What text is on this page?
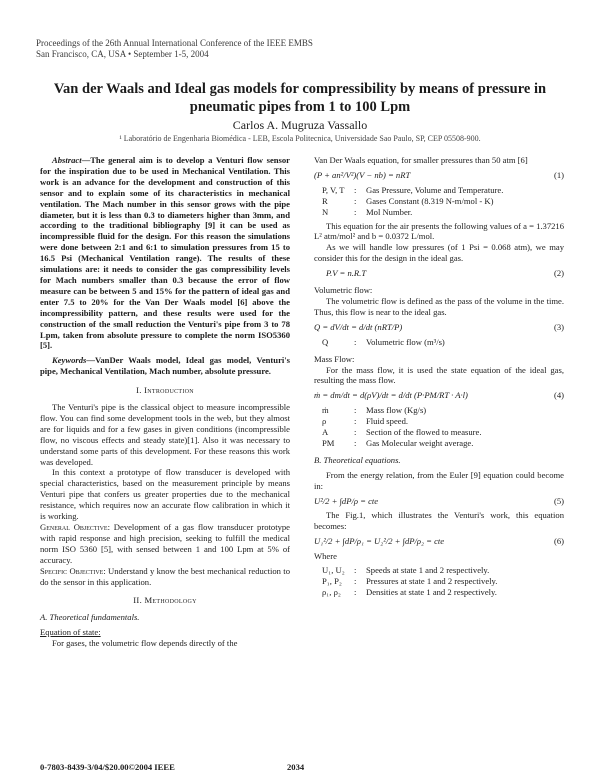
Proceedings of the 26th Annual International Conference of the IEEE EMBS
San Francisco, CA, USA • September 1-5, 2004
Van der Waals and Ideal gas models for compressibility by means of pressure in
pneumatic pipes from 1 to 100 Lpm
Carlos A. Mugruza Vassallo
¹ Laboratório de Engenharia Biomédica - LEB, Escola Politecnica, Universidade Sao Paulo, SP, CEP 05508-900.

Abstract—The general aim is to develop a Venturi flow sensor for the inspiration due to be used in Mechanical Ventilation. This work is an advance for the development and construction of this sensor and to explain some of its characteristics in mechanical ventilation. The Mach number in this sensor grows with the pipe diameter, but it is less than 0.3 to diameters higher than 3mm, and according to the traditional bibliography [9] it can be used as incompressible fluid for the design. For this reason the simulations were done between 2:1 and 6:1 to simulation pressures from 15 to 16.5 Psi (Mechanical Ventilation range). The results of these simulations are: it needs to consider the gas compressibility levels for Mach numbers smaller than 0.3 because the error of flow measure can be between 5 and 15% for the pattern of ideal gas and enter 7.5 to 20% for the Van Der Waals model [6] above the incompressibility pattern, and these results were used for the construction of the small reduction the Venturi's pipe from 3 to 78 Lpm, taken from absolute pressure to complete the norm ISO5360 [5].

Keywords—VanDer Waals model, Ideal gas model, Venturi's pipe, Mechanical Ventilation, Mach number, absolute pressure.

I. Introduction

The Venturi's pipe is the classical object to measure incompressible flow. You can find some development tools in the web, but they almost are for liquids and for a few gases in given conditions (incompressible flow, no viscous effects and steady state)[1]. Also it was necessary to understand some parts of this development. For these reasons this work was developed.

In this context a prototype of flow transducer is developed with special characteristics, based on the measurement principle by means Venturi pipe that confers us greater properties due to the mechanical resistance, which requires now an accurate flow calibration in which it is working.

General Objective: Development of a gas flow transducer prototype with rapid response and high precision, seeking to fulfill the medical norm ISO 5360 [5], with sensed between 1 and 100 Lpm at 5% of accuracy.

Specific Objective: Understand y know the best mechanical reduction to do the sensor in this application.

II. Methodology

A. Theoretical fundamentals.

Equation of state:

For gases, the volumetric flow depends directly of the

Van Der Waals equation, for smaller pressures than 50 atm [6]

(P + an²/V²)(V − nb) = nRT	(1)
P, V, T	:	Gas Pressure, Volume and Temperature.
R	:	Gases Constant (8.319 N-m/mol - K)
N	:	Mol Number.

This equation for the air presents the following values of a = 1.37216 L² atm/mol² and b = 0.0372 L/mol.

As we will handle low pressures (of 1 Psi = 0.068 atm), we may consider this for the design in the ideal gas.

P.V = n.R.T	(2)

Volumetric flow:

The volumetric flow is defined as the pass of the volume in the time. Thus, this flow is near to the ideal gas.

Q = dV/dt = d/dt (nRT/P)	(3)
Q	:	Volumetric flow (m³/s)

Mass Flow:

For the mass flow, it is used the state equation of the ideal gas, resulting the mass flow.

ṁ = dm/dt = d(ρV)/dt = d/dt (P·PM/RT · A·l)	(4)
ṁ	:	Mass flow (Kg/s)
ρ	:	Fluid speed.
A	:	Section of the flowed to measure.
PM	:	Gas Molecular weight average.

B. Theoretical equations.

From the energy relation, from the Euler [9] equation could become in:

U²/2 + ∫dP/ρ = cte	(5)

The Fig.1, which illustrates the Venturi's work, this equation becomes:

U₁²/2 + ∫dP/ρ₁ = U₂²/2 + ∫dP/ρ₂ = cte	(6)

Where

U₁, U₂	:	Speeds at state 1 and 2 respectively.
P₁, P₂	:	Pressures at state 1 and 2 respectively.
ρ₁, ρ₂	:	Densities at state 1 and 2 respectively.
0-7803-8439-3/04/$20.00©2004 IEEE	2034
